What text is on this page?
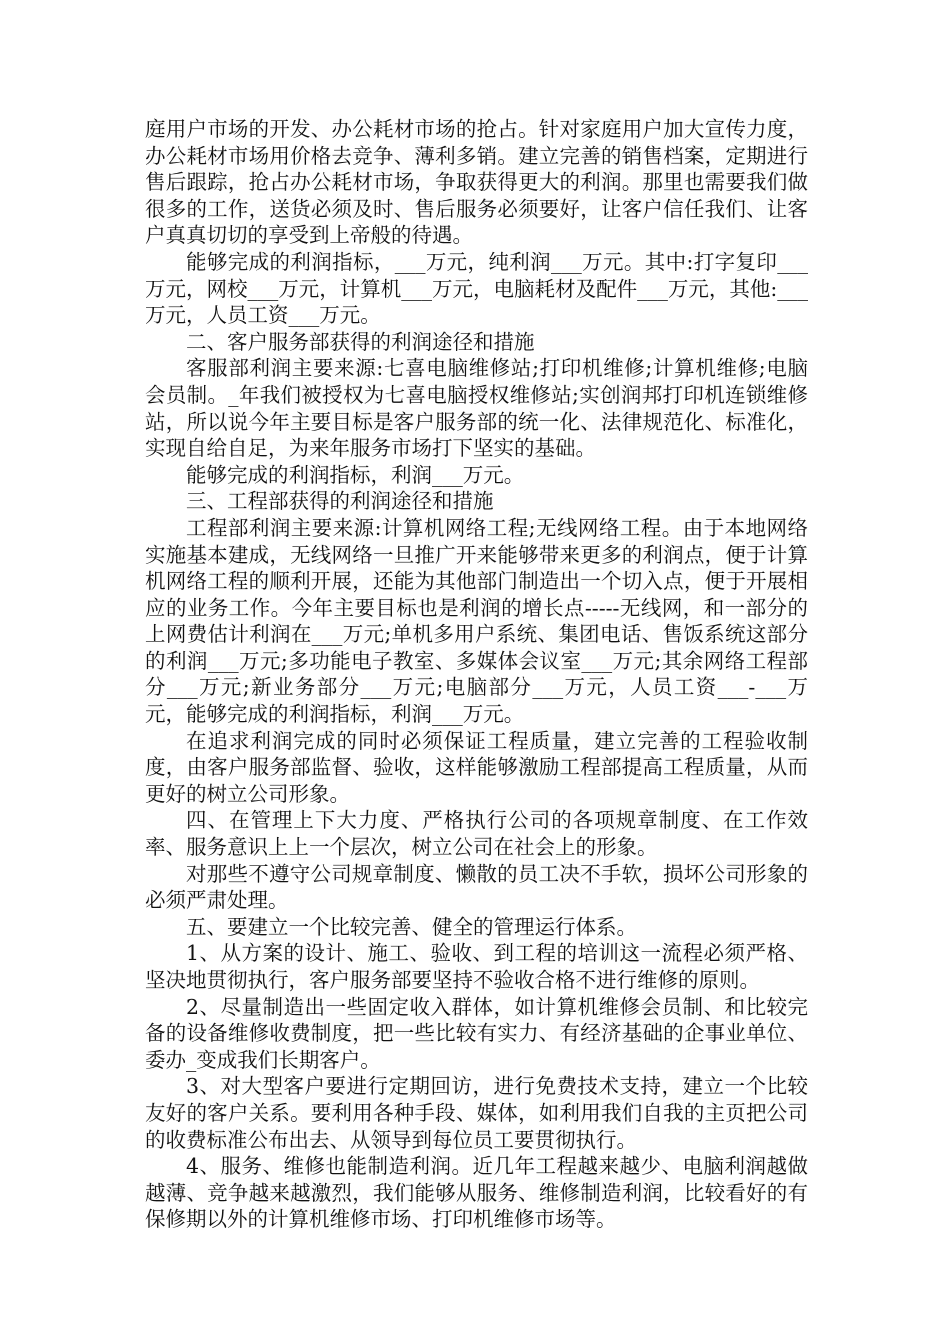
庭用户市场的开发、办公耗材市场的抢占。针对家庭用户加大宣传力度，办公耗材市场用价格去竞争、薄利多销。建立完善的销售档案，定期进行售后跟踪，抢占办公耗材市场，争取获得更大的利润。那里也需要我们做很多的工作，送货必须及时、售后服务必须要好，让客户信任我们、让客户真真切切的享受到上帝般的待遇。

能够完成的利润指标，___万元，纯利润___万元。其中:打字复印___万元，网校___万元，计算机___万元，电脑耗材及配件___万元，其他:___万元，人员工资___万元。

二、客户服务部获得的利润途径和措施

客服部利润主要来源:七喜电脑维修站;打印机维修;计算机维修;电脑会员制。_年我们被授权为七喜电脑授权维修站;实创润邦打印机连锁维修站，所以说今年主要目标是客户服务部的统一化、法律规范化、标准化，实现自给自足，为来年服务市场打下坚实的基础。

能够完成的利润指标，利润___万元。

三、工程部获得的利润途径和措施

工程部利润主要来源:计算机网络工程;无线网络工程。由于本地网络实施基本建成，无线网络一旦推广开来能够带来更多的利润点，便于计算机网络工程的顺利开展，还能为其他部门制造出一个切入点，便于开展相应的业务工作。今年主要目标也是利润的增长点-----无线网，和一部分的上网费估计利润在___万元;单机多用户系统、集团电话、售饭系统这部分的利润___万元;多功能电子教室、多媒体会议室___万元;其余网络工程部分___万元;新业务部分___万元;电脑部分___万元，人员工资___-___万元，能够完成的利润指标，利润___万元。

在追求利润完成的同时必须保证工程质量，建立完善的工程验收制度，由客户服务部监督、验收，这样能够激励工程部提高工程质量，从而更好的树立公司形象。

四、在管理上下大力度、严格执行公司的各项规章制度、在工作效率、服务意识上上一个层次，树立公司在社会上的形象。

对那些不遵守公司规章制度、懒散的员工决不手软，损坏公司形象的必须严肃处理。

五、要建立一个比较完善、健全的管理运行体系。

1、从方案的设计、施工、验收、到工程的培训这一流程必须严格、坚决地贯彻执行，客户服务部要坚持不验收合格不进行维修的原则。

2、尽量制造出一些固定收入群体，如计算机维修会员制、和比较完备的设备维修收费制度，把一些比较有实力、有经济基础的企事业单位、委办_变成我们长期客户。

3、对大型客户要进行定期回访，进行免费技术支持，建立一个比较友好的客户关系。要利用各种手段、媒体，如利用我们自我的主页把公司的收费标准公布出去、从领导到每位员工要贯彻执行。

4、服务、维修也能制造利润。近几年工程越来越少、电脑利润越做越薄、竞争越来越激烈，我们能够从服务、维修制造利润，比较看好的有保修期以外的计算机维修市场、打印机维修市场等。
